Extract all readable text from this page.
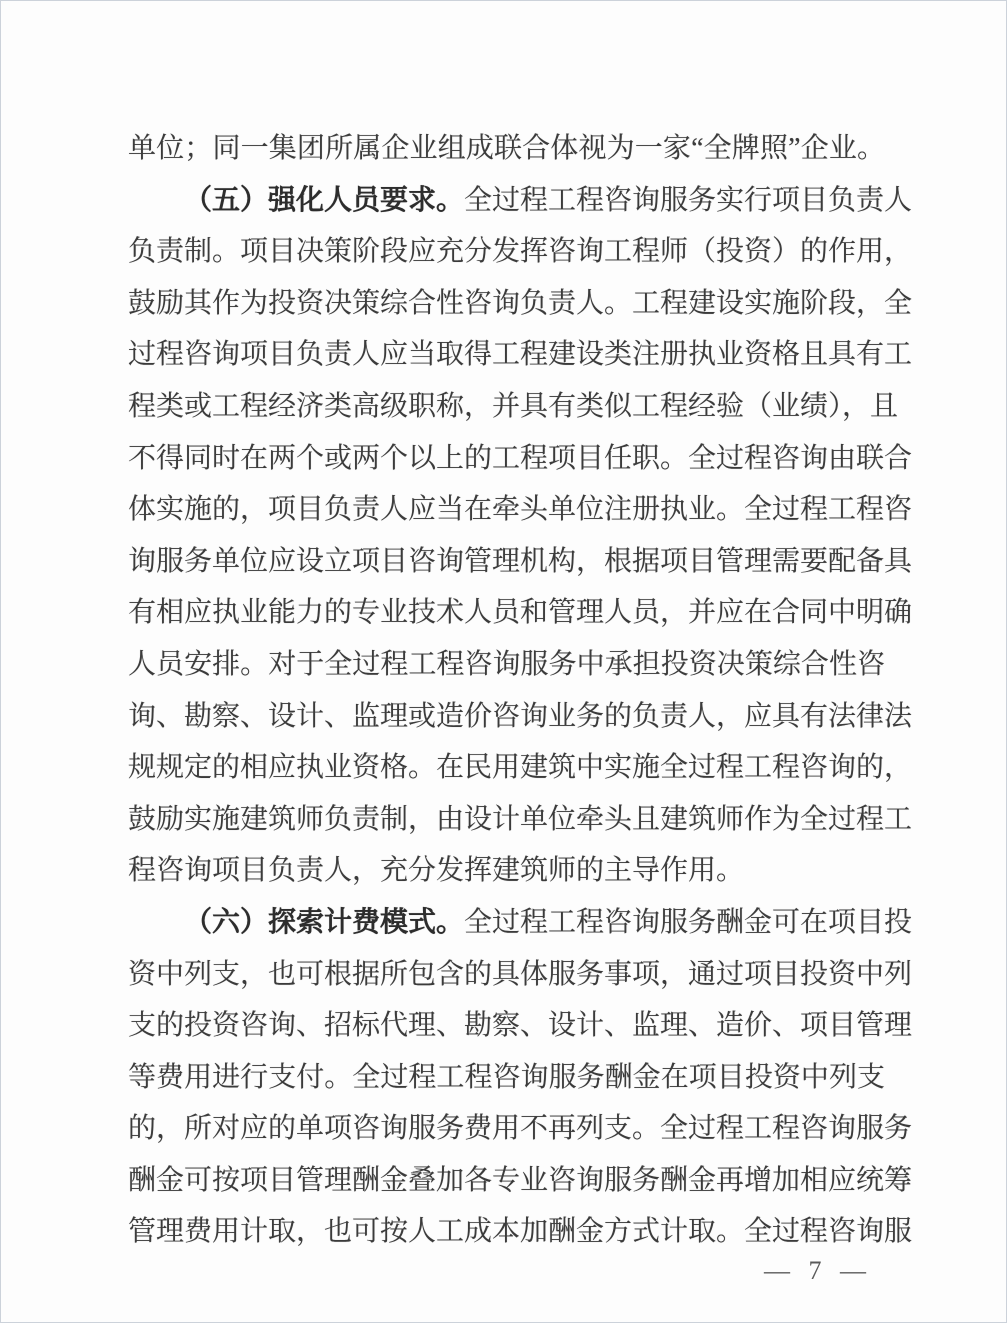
单位；同一集团所属企业组成联合体视为一家“全牌照”企业。
（五）强化人员要求。全过程工程咨询服务实行项目负责人
负责制。项目决策阶段应充分发挥咨询工程师（投资）的作用，
鼓励其作为投资决策综合性咨询负责人。工程建设实施阶段，全
过程咨询项目负责人应当取得工程建设类注册执业资格且具有工
程类或工程经济类高级职称，并具有类似工程经验（业绩），且
不得同时在两个或两个以上的工程项目任职。全过程咨询由联合
体实施的，项目负责人应当在牵头单位注册执业。全过程工程咨
询服务单位应设立项目咨询管理机构，根据项目管理需要配备具
有相应执业能力的专业技术人员和管理人员，并应在合同中明确
人员安排。对于全过程工程咨询服务中承担投资决策综合性咨
询、勘察、设计、监理或造价咨询业务的负责人，应具有法律法
规规定的相应执业资格。在民用建筑中实施全过程工程咨询的，
鼓励实施建筑师负责制，由设计单位牵头且建筑师作为全过程工
程咨询项目负责人，充分发挥建筑师的主导作用。
（六）探索计费模式。全过程工程咨询服务酬金可在项目投
资中列支，也可根据所包含的具体服务事项，通过项目投资中列
支的投资咨询、招标代理、勘察、设计、监理、造价、项目管理
等费用进行支付。全过程工程咨询服务酬金在项目投资中列支
的，所对应的单项咨询服务费用不再列支。全过程工程咨询服务
酬金可按项目管理酬金叠加各专业咨询服务酬金再增加相应统筹
管理费用计取，也可按人工成本加酬金方式计取。全过程咨询服
— 7 —
